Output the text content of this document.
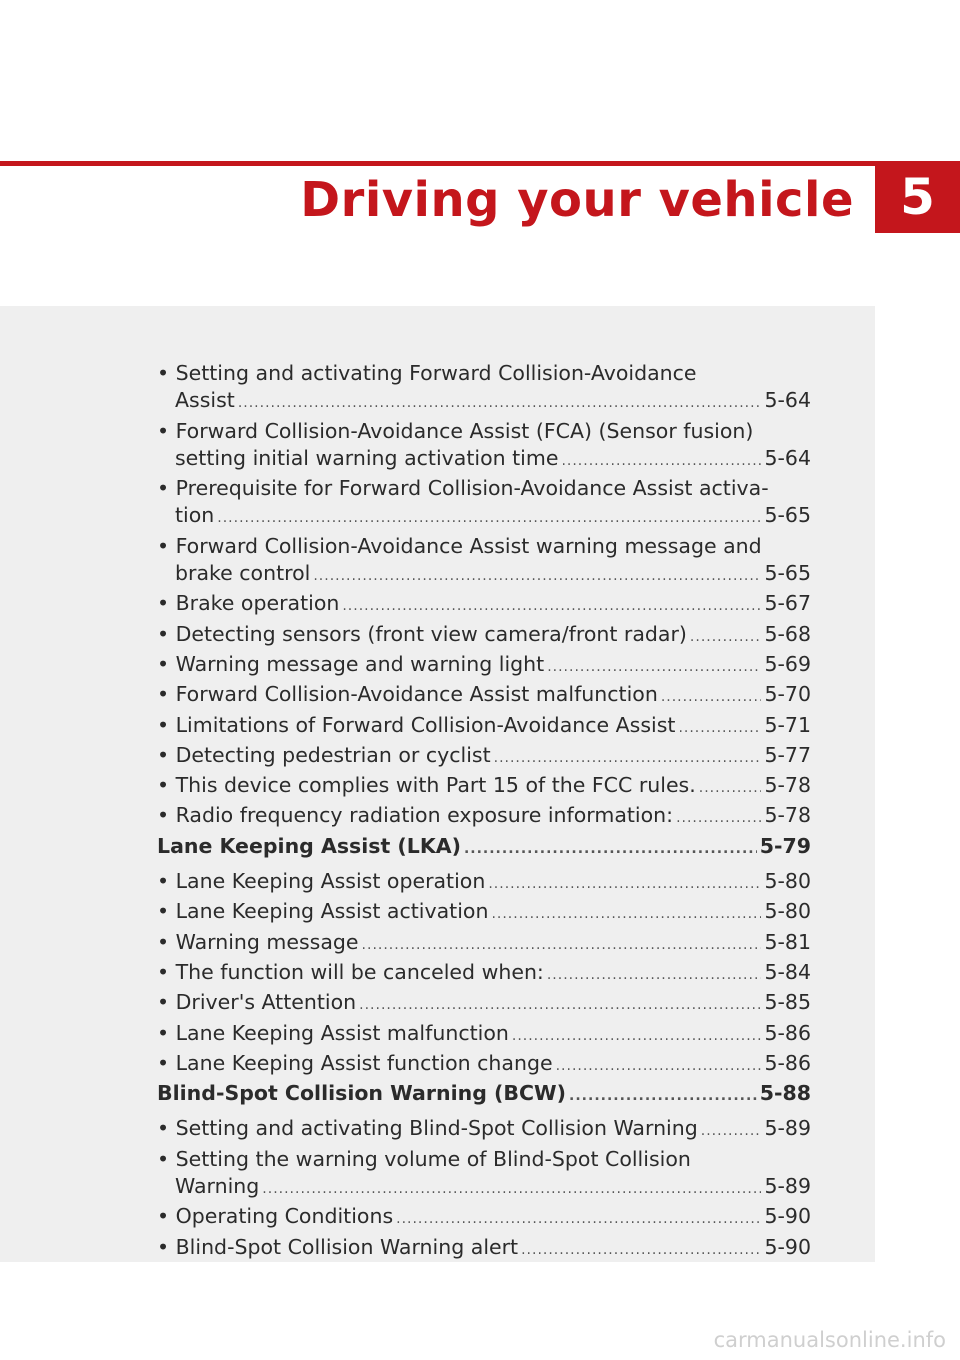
Driving your vehicle 5
• Setting and activating Forward Collision-Avoidance
Assist .....	5-64
• Forward Collision-Avoidance Assist (FCA) (Sensor fusion)
setting initial warning activation time .....	5-64
• Prerequisite for Forward Collision-Avoidance Assist activa-
tion .....	5-65
• Forward Collision-Avoidance Assist warning message and
brake control .....	5-65
• Brake operation .....	5-67
• Detecting sensors (front view camera/front radar) .....	5-68
• Warning message and warning light .....	5-69
• Forward Collision-Avoidance Assist malfunction .....	5-70
• Limitations of Forward Collision-Avoidance Assist .....	5-71
• Detecting pedestrian or cyclist .....	5-77
• This device complies with Part 15 of the FCC rules. .....	5-78
• Radio frequency radiation exposure information: .....	5-78
Lane Keeping Assist (LKA) .....	5-79
• Lane Keeping Assist operation .....	5-80
• Lane Keeping Assist activation .....	5-80
• Warning message .....	5-81
• The function will be canceled when: .....	5-84
• Driver's Attention .....	5-85
• Lane Keeping Assist malfunction .....	5-86
• Lane Keeping Assist function change .....	5-86
Blind-Spot Collision Warning (BCW) .....	5-88
• Setting and activating Blind-Spot Collision Warning .....	5-89
• Setting the warning volume of Blind-Spot Collision
Warning .....	5-89
• Operating Conditions .....	5-90
• Blind-Spot Collision Warning alert .....	5-90
carmanualsonline.info
